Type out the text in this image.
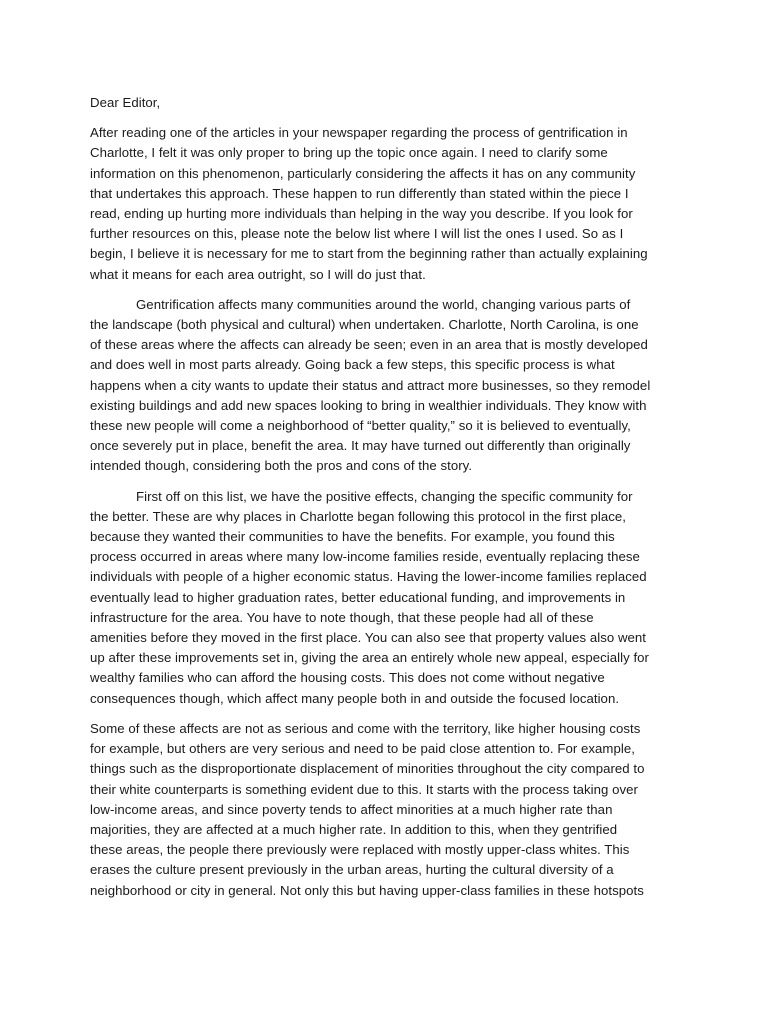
Dear Editor,

After reading one of the articles in your newspaper regarding the process of gentrification in
Charlotte, I felt it was only proper to bring up the topic once again. I need to clarify some
information on this phenomenon, particularly considering the affects it has on any community
that undertakes this approach. These happen to run differently than stated within the piece I
read, ending up hurting more individuals than helping in the way you describe. If you look for
further resources on this, please note the below list where I will list the ones I used. So as I
begin, I believe it is necessary for me to start from the beginning rather than actually explaining
what it means for each area outright, so I will do just that.

Gentrification affects many communities around the world, changing various parts of
the landscape (both physical and cultural) when undertaken. Charlotte, North Carolina, is one
of these areas where the affects can already be seen; even in an area that is mostly developed
and does well in most parts already. Going back a few steps, this specific process is what
happens when a city wants to update their status and attract more businesses, so they remodel
existing buildings and add new spaces looking to bring in wealthier individuals. They know with
these new people will come a neighborhood of “better quality,” so it is believed to eventually,
once severely put in place, benefit the area. It may have turned out differently than originally
intended though, considering both the pros and cons of the story.

First off on this list, we have the positive effects, changing the specific community for
the better. These are why places in Charlotte began following this protocol in the first place,
because they wanted their communities to have the benefits. For example, you found this
process occurred in areas where many low-income families reside, eventually replacing these
individuals with people of a higher economic status. Having the lower-income families replaced
eventually lead to higher graduation rates, better educational funding, and improvements in
infrastructure for the area. You have to note though, that these people had all of these
amenities before they moved in the first place. You can also see that property values also went
up after these improvements set in, giving the area an entirely whole new appeal, especially for
wealthy families who can afford the housing costs. This does not come without negative
consequences though, which affect many people both in and outside the focused location.

Some of these affects are not as serious and come with the territory, like higher housing costs
for example, but others are very serious and need to be paid close attention to. For example,
things such as the disproportionate displacement of minorities throughout the city compared to
their white counterparts is something evident due to this. It starts with the process taking over
low-income areas, and since poverty tends to affect minorities at a much higher rate than
majorities, they are affected at a much higher rate. In addition to this, when they gentrified
these areas, the people there previously were replaced with mostly upper-class whites. This
erases the culture present previously in the urban areas, hurting the cultural diversity of a
neighborhood or city in general. Not only this but having upper-class families in these hotspots
